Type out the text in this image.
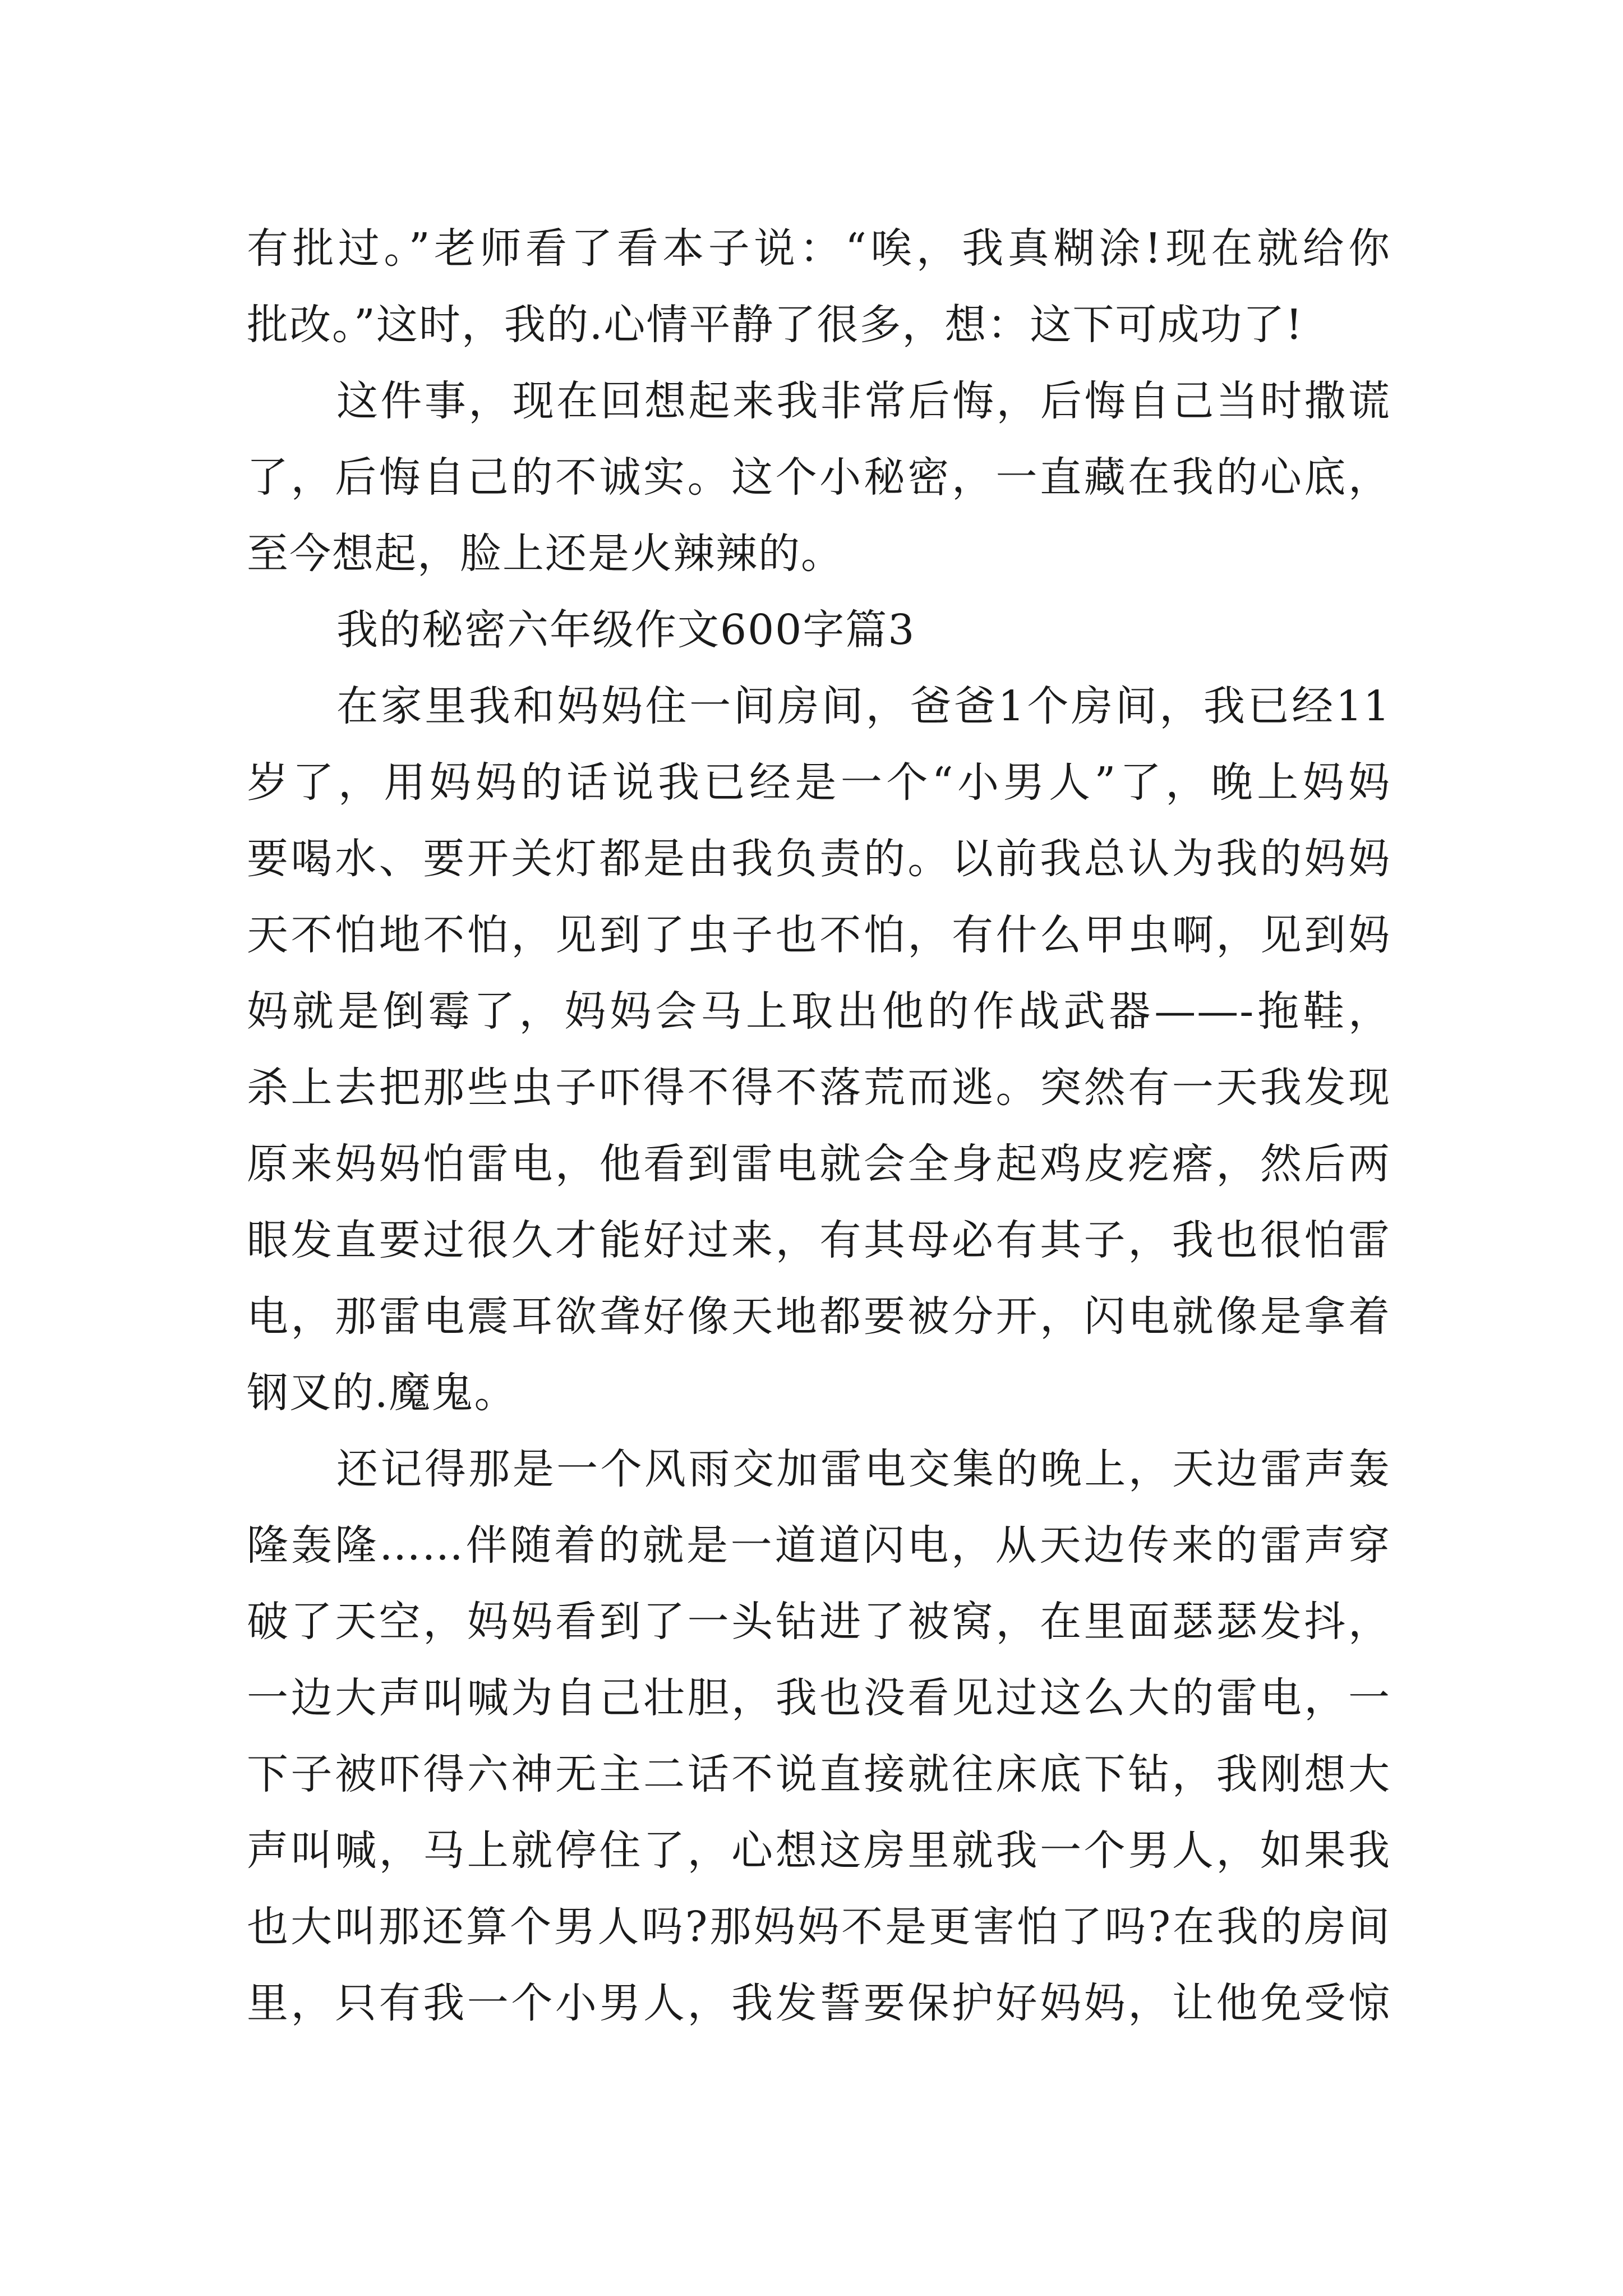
有批过。”老师看了看本子说：“唉，我真糊涂!现在就给你
批改。”这时，我的.心情平静了很多，想：这下可成功了!
这件事，现在回想起来我非常后悔，后悔自己当时撒谎
了，后悔自己的不诚实。这个小秘密，一直藏在我的心底，
至今想起，脸上还是火辣辣的。
我的秘密六年级作文600字篇3
在家里我和妈妈住一间房间，爸爸1个房间，我已经11
岁了，用妈妈的话说我已经是一个“小男人”了，晚上妈妈
要喝水、要开关灯都是由我负责的。以前我总认为我的妈妈
天不怕地不怕，见到了虫子也不怕，有什么甲虫啊，见到妈
妈就是倒霉了，妈妈会马上取出他的作战武器——-拖鞋，
杀上去把那些虫子吓得不得不落荒而逃。突然有一天我发现
原来妈妈怕雷电，他看到雷电就会全身起鸡皮疙瘩，然后两
眼发直要过很久才能好过来，有其母必有其子，我也很怕雷
电，那雷电震耳欲聋好像天地都要被分开，闪电就像是拿着
钢叉的.魔鬼。
还记得那是一个风雨交加雷电交集的晚上，天边雷声轰
隆轰隆……伴随着的就是一道道闪电，从天边传来的雷声穿
破了天空，妈妈看到了一头钻进了被窝，在里面瑟瑟发抖，
一边大声叫喊为自己壮胆，我也没看见过这么大的雷电，一
下子被吓得六神无主二话不说直接就往床底下钻，我刚想大
声叫喊，马上就停住了，心想这房里就我一个男人，如果我
也大叫那还算个男人吗?那妈妈不是更害怕了吗?在我的房间
里，只有我一个小男人，我发誓要保护好妈妈，让他免受惊
